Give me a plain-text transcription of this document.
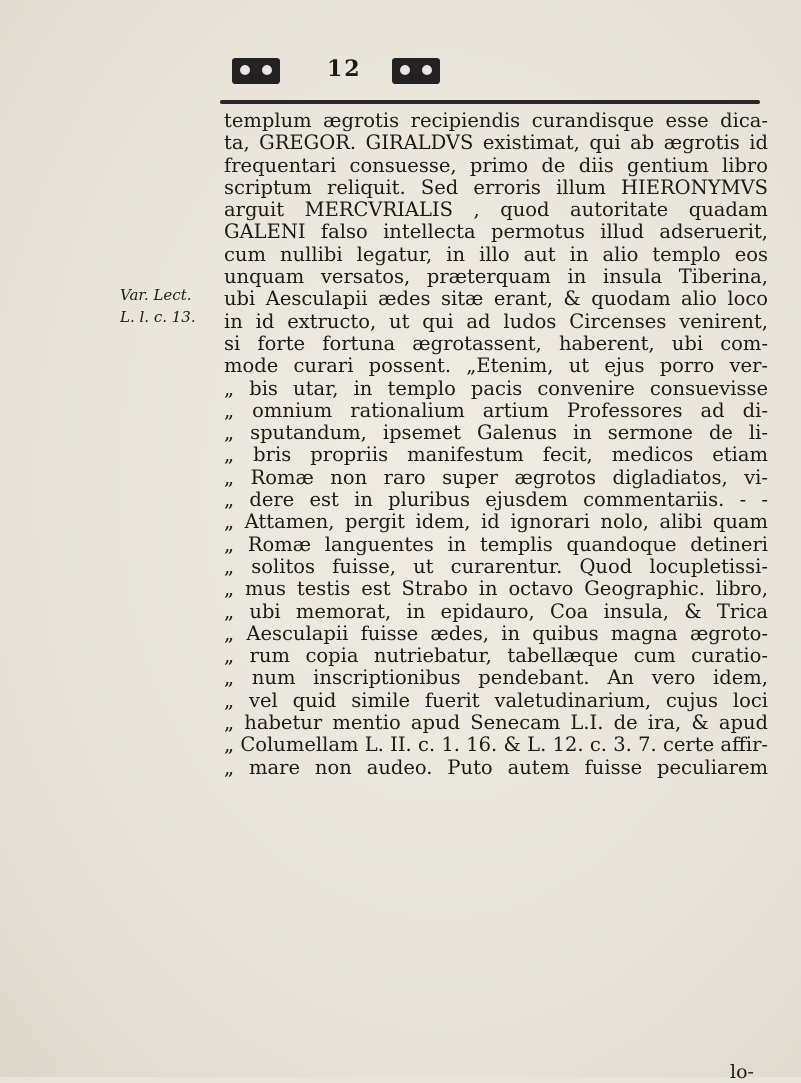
12
Var. Lect.
L. l. c. 13.
templum ægrotis recipiendis curandisque esse dica-
ta, GREGOR. GIRALDVS existimat, qui ab ægrotis id
frequentari consuesse, primo de diis gentium libro
scriptum reliquit. Sed erroris illum HIERONYMVS
arguit MERCVRIALIS , quod autoritate quadam
GALENI falso intellecta permotus illud adseruerit,
cum nullibi legatur, in illo aut in alio templo eos
unquam versatos, præterquam in insula Tiberina,
ubi Aesculapii ædes sitæ erant, & quodam alio loco
in id extructo, ut qui ad ludos Circenses venirent,
si forte fortuna ægrotassent, haberent, ubi com-
mode curari possent. „Etenim, ut ejus porro ver-
„ bis utar, in templo pacis convenire consuevisse
„ omnium rationalium artium Professores ad di-
„ sputandum, ipsemet Galenus in sermone de li-
„ bris propriis manifestum fecit, medicos etiam
„ Romæ non raro super ægrotos digladiatos, vi-
„ dere est in pluribus ejusdem commentariis. - -
„ Attamen, pergit idem, id ignorari nolo, alibi quam
„ Romæ languentes in templis quandoque detineri
„ solitos fuisse, ut curarentur. Quod locupletissi-
„ mus testis est Strabo in octavo Geographic. libro,
„ ubi memorat, in epidauro, Coa insula, & Trica
„ Aesculapii fuisse ædes, in quibus magna ægroto-
„ rum copia nutriebatur, tabellæque cum curatio-
„ num inscriptionibus pendebant. An vero idem,
„ vel quid simile fuerit valetudinarium, cujus loci
„ habetur mentio apud Senecam L.I. de ira, & apud
„ Columellam L. II. c. 1. 16. & L. 12. c. 3. 7. certe affir-
„ mare non audeo. Puto autem fuisse peculiarem
lo-
